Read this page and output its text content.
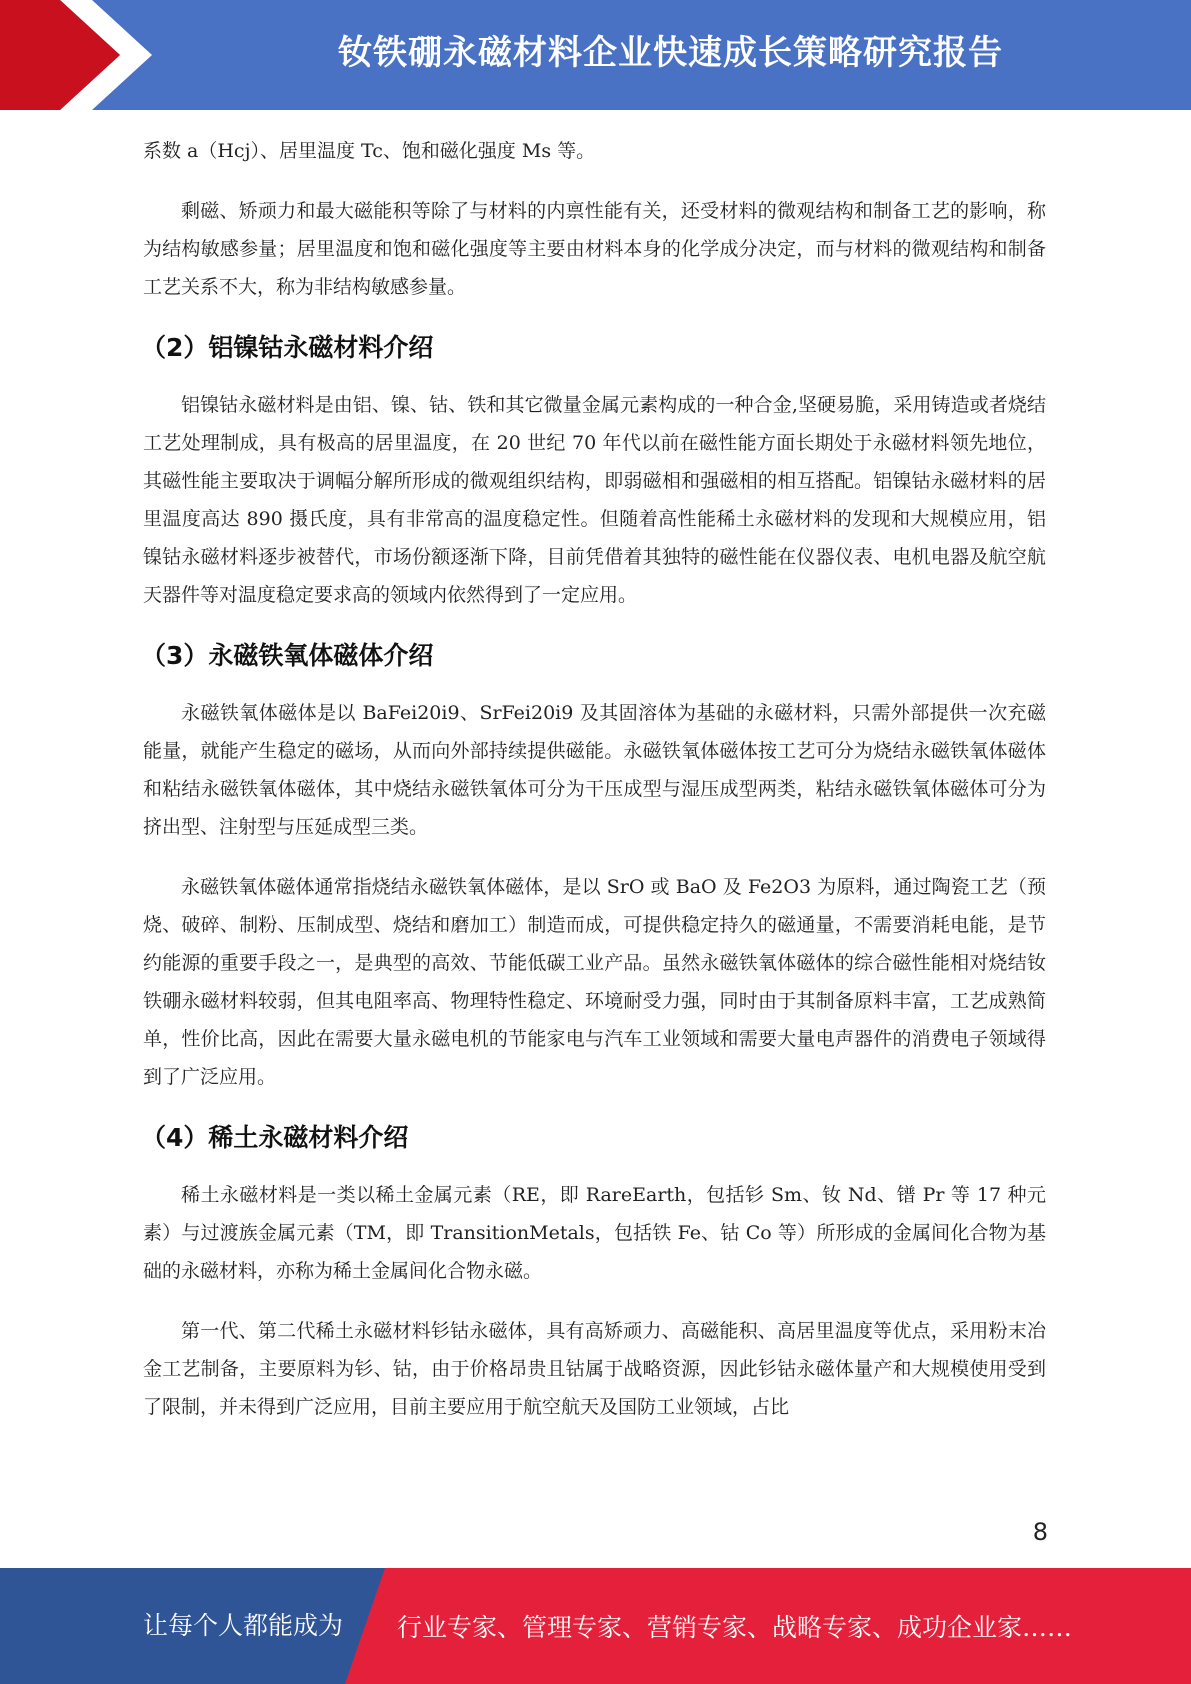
钕铁硼永磁材料企业快速成长策略研究报告

系数 a（Hcj）、居里温度 Tc、饱和磁化强度 Ms 等。

剩磁、矫顽力和最大磁能积等除了与材料的内禀性能有关，还受材料的微观结构和制备工艺的影响，称为结构敏感参量；居里温度和饱和磁化强度等主要由材料本身的化学成分决定，而与材料的微观结构和制备工艺关系不大，称为非结构敏感参量。

（2）铝镍钴永磁材料介绍

铝镍钴永磁材料是由铝、镍、钴、铁和其它微量金属元素构成的一种合金,坚硬易脆，采用铸造或者烧结工艺处理制成，具有极高的居里温度，在 20 世纪 70 年代以前在磁性能方面长期处于永磁材料领先地位，其磁性能主要取决于调幅分解所形成的微观组织结构，即弱磁相和强磁相的相互搭配。铝镍钴永磁材料的居里温度高达 890 摄氏度，具有非常高的温度稳定性。但随着高性能稀土永磁材料的发现和大规模应用，铝镍钴永磁材料逐步被替代，市场份额逐渐下降，目前凭借着其独特的磁性能在仪器仪表、电机电器及航空航天器件等对温度稳定要求高的领域内依然得到了一定应用。

（3）永磁铁氧体磁体介绍

永磁铁氧体磁体是以 BaFei20i9、SrFei20i9 及其固溶体为基础的永磁材料，只需外部提供一次充磁能量，就能产生稳定的磁场，从而向外部持续提供磁能。永磁铁氧体磁体按工艺可分为烧结永磁铁氧体磁体和粘结永磁铁氧体磁体，其中烧结永磁铁氧体可分为干压成型与湿压成型两类，粘结永磁铁氧体磁体可分为挤出型、注射型与压延成型三类。

永磁铁氧体磁体通常指烧结永磁铁氧体磁体，是以 SrO 或 BaO 及 Fe2O3 为原料，通过陶瓷工艺（预烧、破碎、制粉、压制成型、烧结和磨加工）制造而成，可提供稳定持久的磁通量，不需要消耗电能，是节约能源的重要手段之一，是典型的高效、节能低碳工业产品。虽然永磁铁氧体磁体的综合磁性能相对烧结钕铁硼永磁材料较弱，但其电阻率高、物理特性稳定、环境耐受力强，同时由于其制备原料丰富，工艺成熟简单，性价比高，因此在需要大量永磁电机的节能家电与汽车工业领域和需要大量电声器件的消费电子领域得到了广泛应用。

（4）稀土永磁材料介绍

稀土永磁材料是一类以稀土金属元素（RE，即 RareEarth，包括钐 Sm、钕 Nd、镨 Pr 等 17 种元素）与过渡族金属元素（TM，即 TransitionMetals，包括铁 Fe、钴 Co 等）所形成的金属间化合物为基础的永磁材料，亦称为稀土金属间化合物永磁。

第一代、第二代稀土永磁材料钐钴永磁体，具有高矫顽力、高磁能积、高居里温度等优点，采用粉末冶金工艺制备，主要原料为钐、钴，由于价格昂贵且钴属于战略资源，因此钐钴永磁体量产和大规模使用受到了限制，并未得到广泛应用，目前主要应用于航空航天及国防工业领域，占比

8
让每个人都能成为 行业专家、管理专家、营销专家、战略专家、成功企业家……
